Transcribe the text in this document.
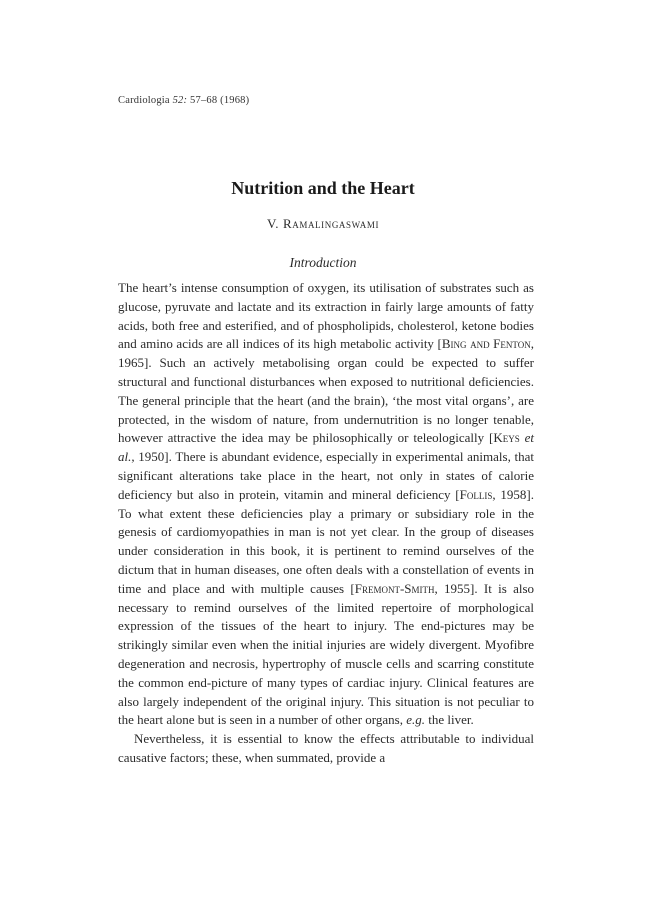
Cardiologia 52: 57–68 (1968)
Nutrition and the Heart
V. Ramalingaswami
Introduction

The heart’s intense consumption of oxygen, its utilisation of substrates such as glucose, pyruvate and lactate and its extraction in fairly large amounts of fatty acids, both free and esterified, and of phospholipids, cholesterol, ketone bodies and amino acids are all indices of its high metabolic activity [Bing and Fenton, 1965]. Such an actively metabolising organ could be expected to suffer structural and functional disturbances when exposed to nutritional deficiencies. The general principle that the heart (and the brain), ‘the most vital organs’, are protected, in the wisdom of nature, from undernutrition is no longer tenable, however attractive the idea may be philosophically or teleologically [Keys et al., 1950]. There is abundant evidence, especially in experimental animals, that significant alterations take place in the heart, not only in states of calorie deficiency but also in protein, vitamin and mineral deficiency [Follis, 1958]. To what extent these deficiencies play a primary or subsidiary role in the genesis of cardiomyopathies in man is not yet clear. In the group of diseases under consideration in this book, it is pertinent to remind ourselves of the dictum that in human diseases, one often deals with a constellation of events in time and place and with multiple causes [Fremont-Smith, 1955]. It is also necessary to remind ourselves of the limited repertoire of morphological expression of the tissues of the heart to injury. The end-pictures may be strikingly similar even when the initial injuries are widely divergent. Myofibre degeneration and necrosis, hypertrophy of muscle cells and scarring constitute the common end-picture of many types of cardiac injury. Clinical features are also largely independent of the original injury. This situation is not peculiar to the heart alone but is seen in a number of other organs, e.g. the liver.

Nevertheless, it is essential to know the effects attributable to individual causative factors; these, when summated, provide a
